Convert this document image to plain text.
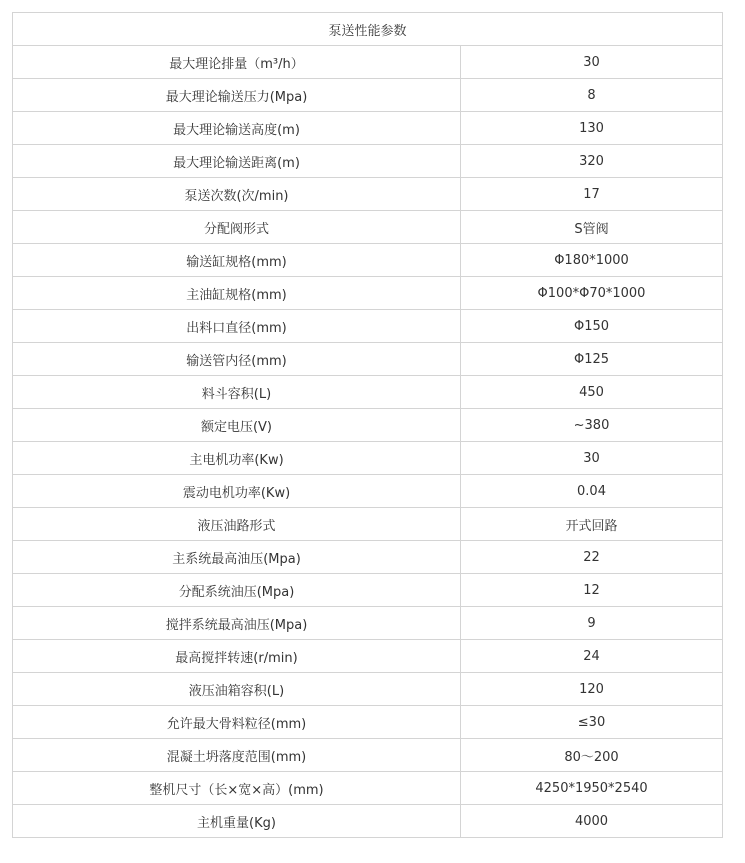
泵送性能参数	
最大理论排量（m³/h）	30
最大理论输送压力(Mpa)	8
最大理论输送高度(m)	130
最大理论输送距离(m)	320
泵送次数(次/min)	17
分配阀形式	S管阀
输送缸规格(mm)	Φ180*1000
主油缸规格(mm)	Φ100*Φ70*1000
出料口直径(mm)	Φ150
输送管内径(mm)	Φ125
料斗容积(L)	450
额定电压(V)	~380
主电机功率(Kw)	30
震动电机功率(Kw)	0.04
液压油路形式	开式回路
主系统最高油压(Mpa)	22
分配系统油压(Mpa)	12
搅拌系统最高油压(Mpa)	9
最高搅拌转速(r/min)	24
液压油箱容积(L)	120
允许最大骨料粒径(mm)	≤30
混凝土坍落度范围(mm)	80～200
整机尺寸（长×宽×高）(mm)	4250*1950*2540
主机重量(Kg)	4000
